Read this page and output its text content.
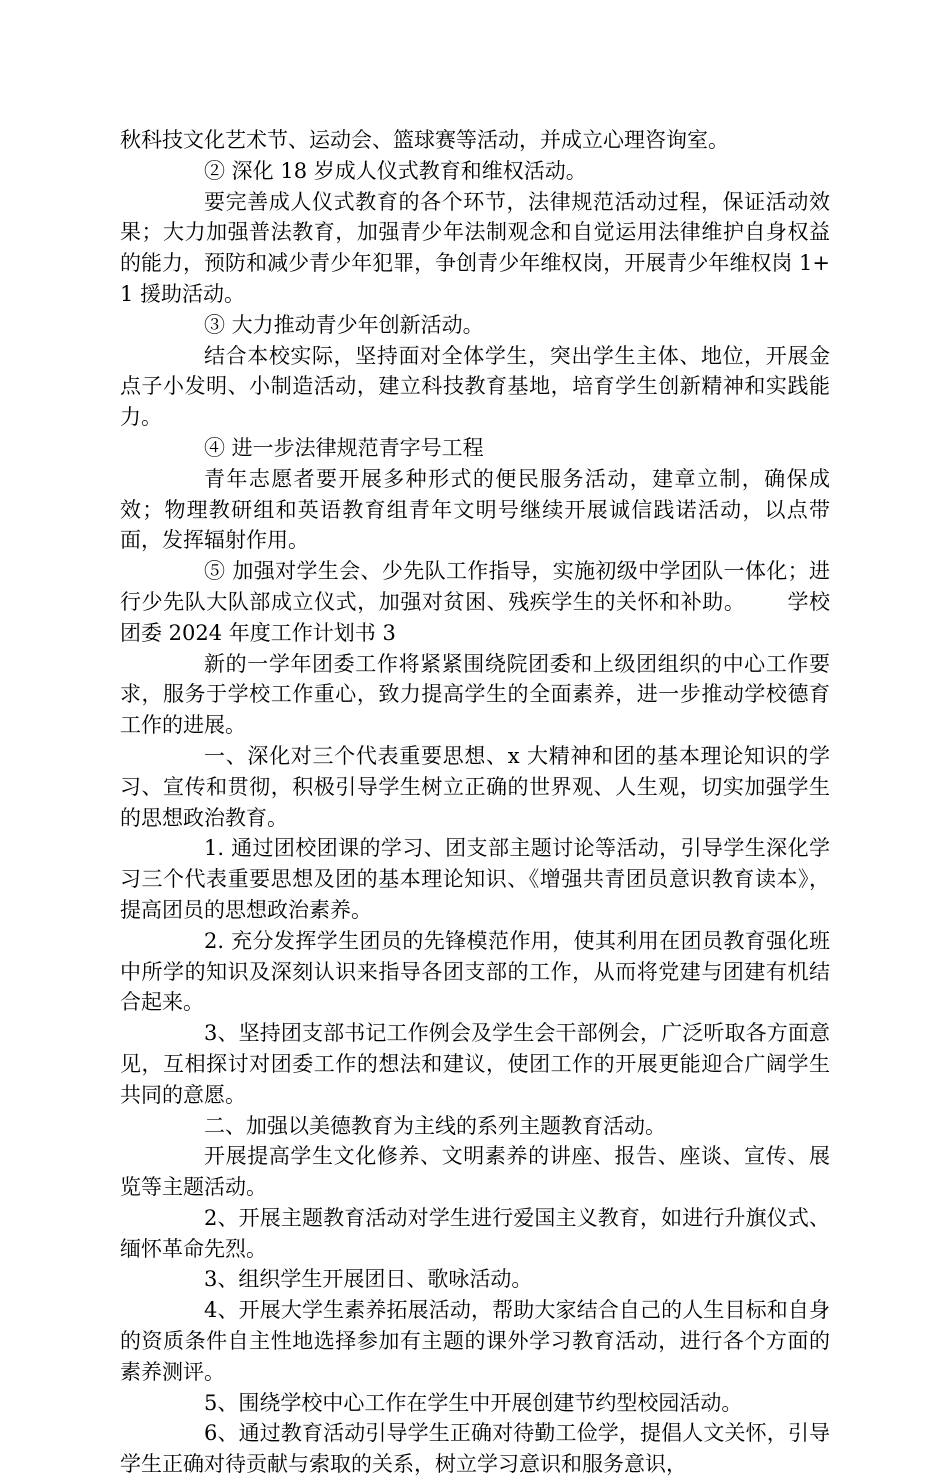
秋科技文化艺术节、运动会、篮球赛等活动，并成立心理咨询室。

② 深化 18 岁成人仪式教育和维权活动。

要完善成人仪式教育的各个环节，法律规范活动过程，保证活动效果；大力加强普法教育，加强青少年法制观念和自觉运用法律维护自身权益的能力，预防和减少青少年犯罪，争创青少年维权岗，开展青少年维权岗 1+1 援助活动。

③ 大力推动青少年创新活动。

结合本校实际，坚持面对全体学生，突出学生主体、地位，开展金点子小发明、小制造活动，建立科技教育基地，培育学生创新精神和实践能力。

④ 进一步法律规范青字号工程

青年志愿者要开展多种形式的便民服务活动，建章立制，确保成效；物理教研组和英语教育组青年文明号继续开展诚信践诺活动，以点带面，发挥辐射作用。

⑤ 加强对学生会、少先队工作指导，实施初级中学团队一体化；进行少先队大队部成立仪式，加强对贫困、残疾学生的关怀和补助。 学校团委 2024 年度工作计划书 3

新的一学年团委工作将紧紧围绕院团委和上级团组织的中心工作要求，服务于学校工作重心，致力提高学生的全面素养，进一步推动学校德育工作的进展。

一、深化对三个代表重要思想、x 大精神和团的基本理论知识的学习、宣传和贯彻，积极引导学生树立正确的世界观、人生观，切实加强学生的思想政治教育。

1. 通过团校团课的学习、团支部主题讨论等活动，引导学生深化学习三个代表重要思想及团的基本理论知识、《增强共青团员意识教育读本》，提高团员的思想政治素养。

2. 充分发挥学生团员的先锋模范作用，使其利用在团员教育强化班中所学的知识及深刻认识来指导各团支部的工作，从而将党建与团建有机结合起来。

3、坚持团支部书记工作例会及学生会干部例会，广泛听取各方面意见，互相探讨对团委工作的想法和建议，使团工作的开展更能迎合广阔学生共同的意愿。

二、加强以美德教育为主线的系列主题教育活动。

开展提高学生文化修养、文明素养的讲座、报告、座谈、宣传、展览等主题活动。

2、开展主题教育活动对学生进行爱国主义教育，如进行升旗仪式、缅怀革命先烈。

3、组织学生开展团日、歌咏活动。

4、开展大学生素养拓展活动，帮助大家结合自己的人生目标和自身的资质条件自主性地选择参加有主题的课外学习教育活动，进行各个方面的素养测评。

5、围绕学校中心工作在学生中开展创建节约型校园活动。

6、通过教育活动引导学生正确对待勤工俭学，提倡人文关怀，引导学生正确对待贡献与索取的关系，树立学习意识和服务意识，
